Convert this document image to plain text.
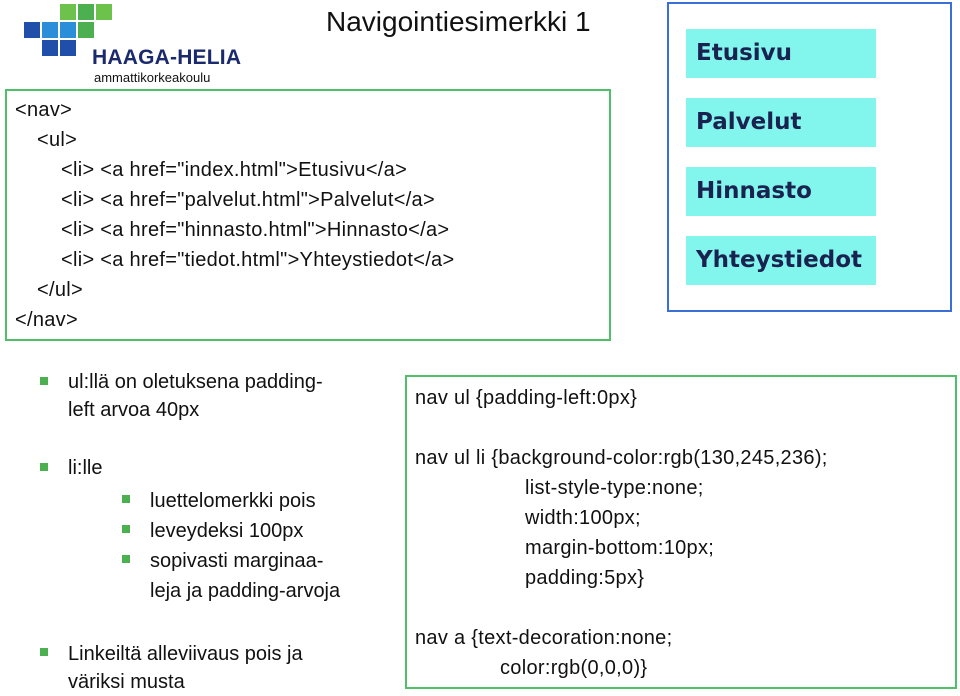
HAAGA-HELIA
ammattikorkeakoulu
Navigointiesimerkki 1
<nav>
<ul>
<li> <a href="index.html">Etusivu</a>
<li> <a href="palvelut.html">Palvelut</a>
<li> <a href="hinnasto.html">Hinnasto</a>
<li> <a href="tiedot.html">Yhteystiedot</a>
</ul>
</nav>
Etusivu
Palvelut
Hinnasto
Yhteystiedot
ul:llä on oletuksena padding-
left arvoa 40px
li:lle
luettelomerkki pois
leveydeksi 100px
sopivasti marginaa-
leja ja padding-arvoja
Linkeiltä alleviivaus pois ja
väriksi musta
nav ul {padding-left:0px}
nav ul li {background-color:rgb(130,245,236);
list-style-type:none;
width:100px;
margin-bottom:10px;
padding:5px}
nav a {text-decoration:none;
color:rgb(0,0,0)}
